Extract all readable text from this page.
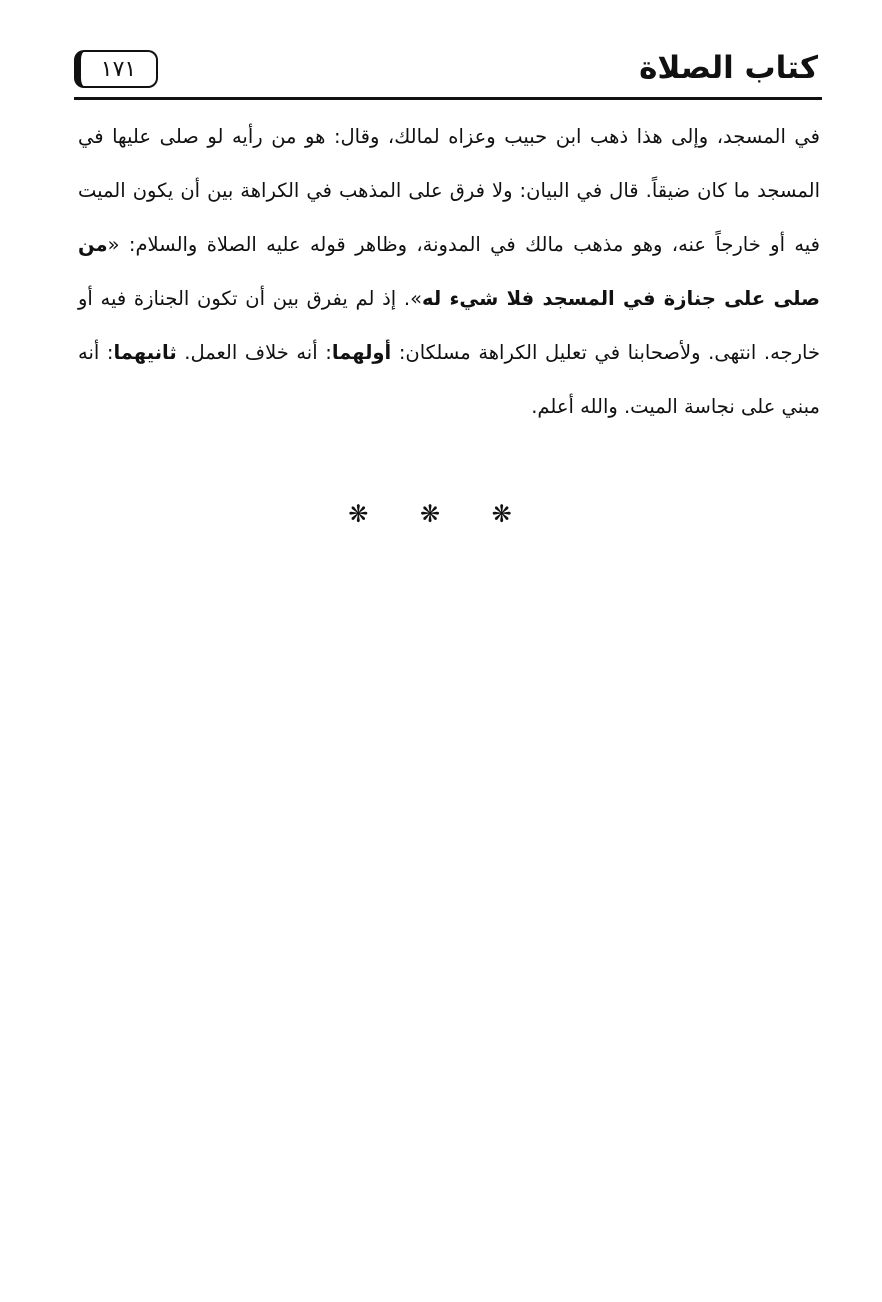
١٧١	كتاب الصلاة

في المسجد، وإلى هذا ذهب ابن حبيب وعزاه لمالك، وقال: هو من رأيه لو صلى عليها في المسجد ما كان ضيقاً. قال في البيان: ولا فرق على المذهب في الكراهة بين أن يكون الميت فيه أو خارجاً عنه، وهو مذهب مالك في المدونة، وظاهر قوله عليه الصلاة والسلام: «من صلى على جنازة في المسجد فلا شيء له». إذ لم يفرق بين أن تكون الجنازة فيه أو خارجه. انتهى. ولأصحابنا في تعليل الكراهة مسلكان: أولهما: أنه خلاف العمل. ثانيهما: أنه مبني على نجاسة الميت. والله أعلم.

❋ ❋ ❋
